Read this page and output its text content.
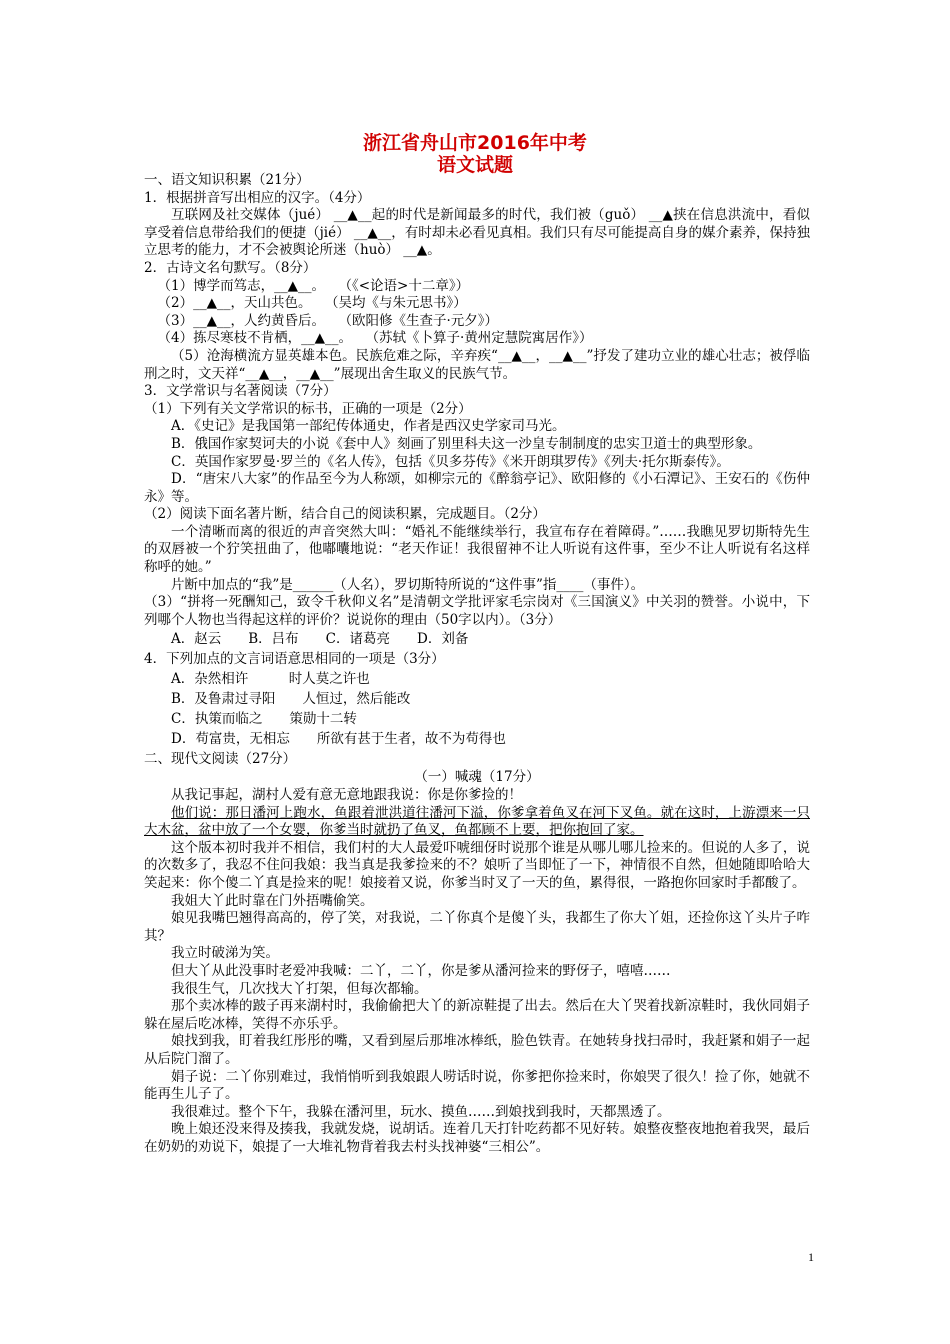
浙江省舟山市2016年中考
语文试题

一、语文知识积累（21分）

1．根据拼音写出相应的汉字。（4分）

互联网及社交媒体（jué） __▲__起的时代是新闻最多的时代，我们被（guǒ） __▲挟在信息洪流中，看似享受着信息带给我们的便捷（jié） __▲__，有时却未必看见真相。我们只有尽可能提高自身的媒介素养，保持独立思考的能力，才不会被舆论所迷（huò） __▲。

2．古诗文名句默写。（8分）

（1）博学而笃志，__▲__。　　（《<论语>十二章》）

（2）__▲__，天山共色。　　（吴均《与朱元思书》）

（3）__▲__，人约黄昏后。　　（欧阳修《生查子·元夕》）

（4）拣尽寒枝不肯栖，__▲__。　　（苏轼《卜算子·黄州定慧院寓居作》）

（5）沧海横流方显英雄本色。民族危难之际，辛弃疾“__▲__，__▲__”抒发了建功立业的雄心壮志；被俘临刑之时，文天祥“__▲__，__▲__”展现出舍生取义的民族气节。

3．文学常识与名著阅读（7分）

（1）下列有关文学常识的标书，正确的一项是（2分）

A．《史记》是我国第一部纪传体通史，作者是西汉史学家司马光。

B．俄国作家契诃夫的小说《套中人》刻画了别里科夫这一沙皇专制制度的忠实卫道士的典型形象。

C．英国作家罗曼·罗兰的《名人传》，包括《贝多芬传》《米开朗琪罗传》《列夫·托尔斯泰传》。

D．“唐宋八大家”的作品至今为人称颂，如柳宗元的《醉翁亭记》、欧阳修的《小石潭记》、王安石的《伤仲永》等。

（2）阅读下面名著片断，结合自己的阅读积累，完成题目。（2分）

一个清晰而离的很近的声音突然大叫：“婚礼不能继续举行，我宣布存在着障碍。”……我瞧见罗切斯特先生的双唇被一个狞笑扭曲了，他嘟囔地说：“老天作证！我很留神不让人听说有这件事，至少不让人听说有名这样称呼的她。”

片断中加点的“我”是______（人名），罗切斯特所说的“这件事”指____（事件）。

（3）“拼将一死酬知己，致令千秋仰义名”是清朝文学批评家毛宗岗对《三国演义》中关羽的赞誉。小说中，下列哪个人物也当得起这样的评价？说说你的理由（50字以内）。（3分）

A．赵云　　B．吕布　　C．诸葛亮　　D．刘备

4．下列加点的文言词语意思相同的一项是（3分）

A．杂然相许　　　时人莫之许也

B．及鲁肃过寻阳　　人恒过，然后能改

C．执策而临之　　策勋十二转

D．苟富贵，无相忘　　所欲有甚于生者，故不为苟得也

二、现代文阅读（27分）

（一）喊魂（17分）

从我记事起，湖村人爱有意无意地跟我说：你是你爹捡的！

他们说：那日潘河上跑水，鱼跟着泄洪道往潘河下溢，你爹拿着鱼叉在河下叉鱼。就在这时，上游漂来一只大木盆，盆中放了一个女婴，你爹当时就扔了鱼叉，鱼都顾不上要，把你抱回了家。

这个版本初时我并不相信，我们村的大人最爱吓唬细伢时说那个谁是从哪儿哪儿捡来的。但说的人多了，说的次数多了，我忍不住问我娘：我当真是我爹捡来的不？娘听了当即怔了一下，神情很不自然，但她随即哈哈大笑起来：你个傻二丫真是捡来的呢！娘接着又说，你爹当时叉了一天的鱼，累得很，一路抱你回家时手都酸了。

我姐大丫此时靠在门外捂嘴偷笑。

娘见我嘴巴翘得高高的，停了笑，对我说，二丫你真个是傻丫头，我都生了你大丫姐，还捡你这丫头片子咋其？

我立时破涕为笑。

但大丫从此没事时老爱冲我喊：二丫，二丫，你是爹从潘河捡来的野伢子，嘻嘻……

我很生气，几次找大丫打架，但每次都输。

那个卖冰棒的跛子再来湖村时，我偷偷把大丫的新凉鞋提了出去。然后在大丫哭着找新凉鞋时，我伙同娟子躲在屋后吃冰棒，笑得不亦乐乎。

娘找到我，盯着我红彤彤的嘴，又看到屋后那堆冰棒纸，脸色铁青。在她转身找扫帚时，我赶紧和娟子一起从后院门溜了。

娟子说：二丫你别难过，我悄悄听到我娘跟人唠话时说，你爹把你捡来时，你娘哭了很久！捡了你，她就不能再生儿子了。

我很难过。整个下午，我躲在潘河里，玩水、摸鱼……到娘找到我时，天都黑透了。

晚上娘还没来得及揍我，我就发烧，说胡话。连着几天打针吃药都不见好转。娘整夜整夜地抱着我哭，最后在奶奶的劝说下，娘提了一大堆礼物背着我去村头找神婆“三相公”。

1
